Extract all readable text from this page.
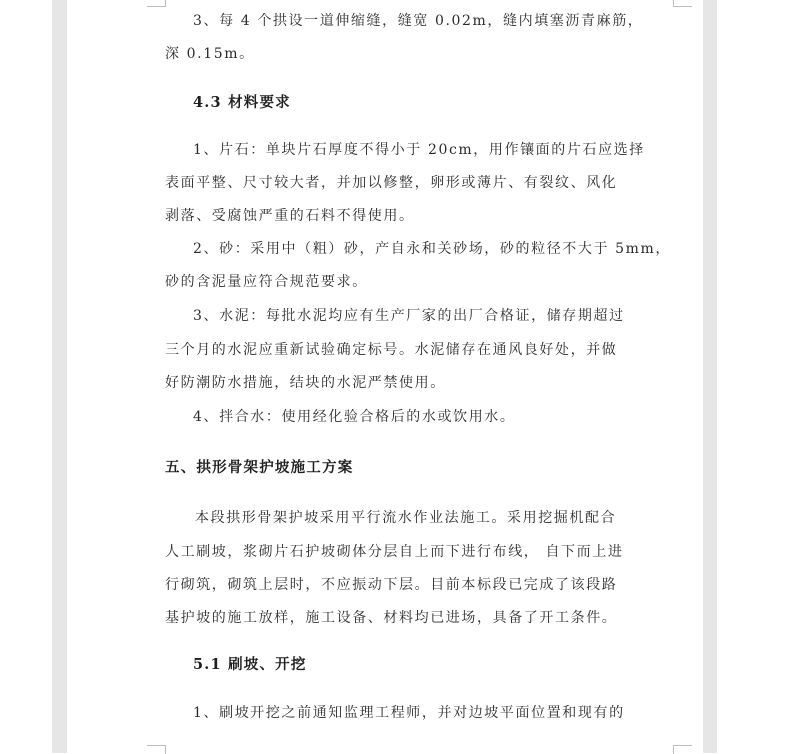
3、每 4 个拱设一道伸缩缝，缝宽 0.02m，缝内填塞沥青麻筋，
深 0.15m。
4.3 材料要求
1、片石：单块片石厚度不得小于 20cm，用作镶面的片石应选择
表面平整、尺寸较大者，并加以修整，卵形或薄片、有裂纹、风化
剥落、受腐蚀严重的石料不得使用。
2、砂：采用中（粗）砂，产自永和关砂场，砂的粒径不大于 5mm，
砂的含泥量应符合规范要求。
3、水泥：每批水泥均应有生产厂家的出厂合格证，储存期超过
三个月的水泥应重新试验确定标号。水泥储存在通风良好处，并做
好防潮防水措施，结块的水泥严禁使用。
4、拌合水：使用经化验合格后的水或饮用水。
五、拱形骨架护坡施工方案
本段拱形骨架护坡采用平行流水作业法施工。采用挖掘机配合
人工刷坡，浆砌片石护坡砌体分层自上而下进行布线， 自下而上进
行砌筑，砌筑上层时，不应振动下层。目前本标段已完成了该段路
基护坡的施工放样，施工设备、材料均已进场，具备了开工条件。
5.1 刷坡、开挖
1、刷坡开挖之前通知监理工程师，并对边坡平面位置和现有的
